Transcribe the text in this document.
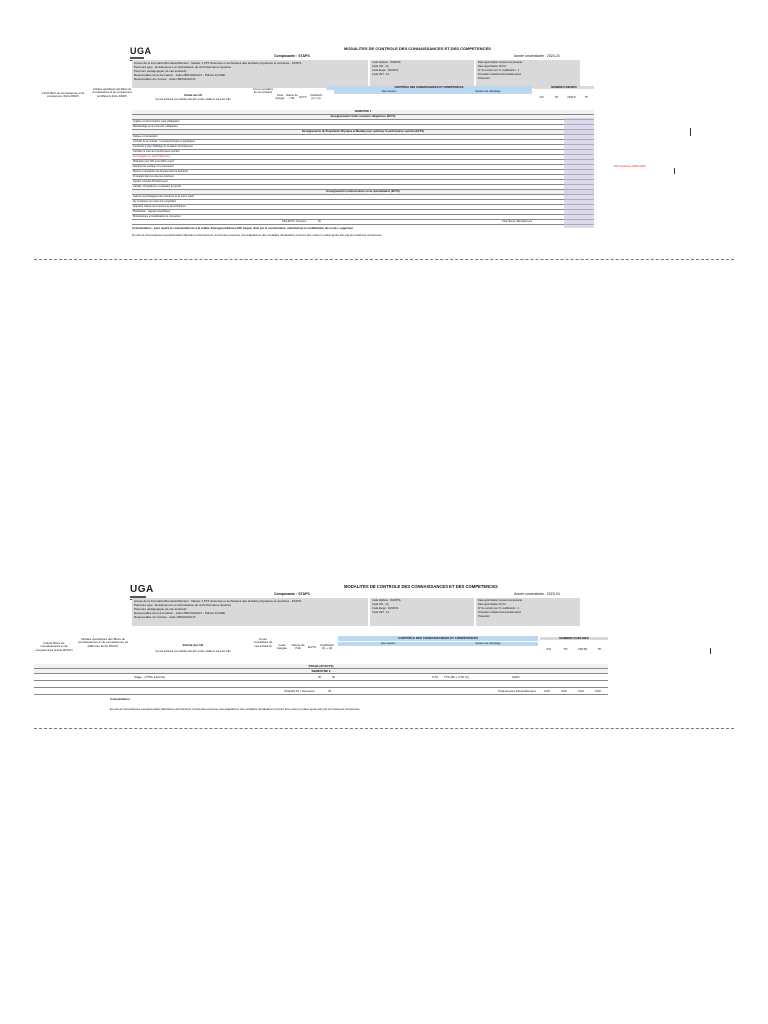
UGA	MODALITES DE CONTROLE DES CONNAISSANCES ET DES COMPETENCES
Composante : STAPS	Année universitaire : 2023-24
Année de la Formation/Domaine/Mention : Master 1 STS Sciences et techniques des activités physiques et sportives - STAPS
Parcours-type : Entraînement et Optimisation de la Performance Sportive
Parcours pédagogique (le cas échéant) :
Responsable de la Formation : Julien BRUGNIAUX - Patrice FLORE
Responsable de l'Année : Julien BRUGNIAUX
Code diplôme : 0GMSTA
Code VDI : 1A
Code Etape : 0GMSTA
Code VET : 1A
Date approbation Conseil composante :
Date approbation CFVU :
N° de version (en % modification : 1
Formation initiale/continue/alternance
Présentiel
Intitulé Blocs de connaissances et de compétences (Fiche RNCP)
Intitulés spécifiques des Blocs de connaissances et de compétences (si différents Fiche RNCP)	Intitulé des UE
(le cas échéant, les intitulés des EC et des matières sous les UE)
Cours mutualisés (le cas échéant)
Code Apogée
Nature de l'UE	ECTS
Coefficient (1) + (2)
CONTRÔLE DES CONNAISSANCES ET COMPÉTENCES
1ère session	Session de rattrapage
NOMBRE D'HEURES
CM	TD	CM/TD	TP
SEMESTRE 1
Enseignements Unités semestre obligatoires (ECTS)
Anglais et communication orale (obligatoire)
Méthodologie de la recherche (obligatoire)
Enseignements de Préparation Physique et Mentale pour optimiser la performance sportive (ECTS)
Fatigue et récupération
Contrôle de la motricité : neuropsychologies et applications
Construire le plan d'affûtage de sa saison d'entraînement
Conduire le suivi de la performance sportive
Accompagner un sportif (Mémoire)
Motivation pour l'AP et les APS et sport
Savoirs pour entraîner une intervention
Mesure et acquisition de données dans la Sportivité
Innovation dans les sciences sportives
Gestion conduite d'Entraînement
Cardiac, compétitions et évaluation du sportif
Enseignements professionnels ou de spécialisation (ECTS)
Aspects psychologiques de la blessure et du retour sportif
De l'entraîneur au retour à la compétition
Approche critique de la mesure de la performance
Planification : logiciels scientifiques
Biomécanique et modélisation du mouvement
Total ECTS / Semestre	30	Total Heures d'Encadrement
Commentaires : pour mettre le commentaire lié à la cellule 'Emergence/Fausse EM' cliquer droit sur le commentaire, sélectionner le modification des notes, supprimer
En cas de circonstances exceptionnelles affectant le déroulement normal des examens, des adaptations des modalités d'évaluation pourront être mises en place après avis par les instances concernées.
EP Intensif en 2023-2024
UGA	MODALITES DE CONTROLE DES CONNAISSANCES ET DES COMPETENCES
Composante : STAPS	Année universitaire : 2023-24
Année de la Formation/Domaine/Mention : Master 1 STS Sciences et techniques des activités physiques et sportives - STAPS
Parcours-type : Entraînement et Optimisation de la Performance Sportive
Parcours pédagogique (le cas échéant) :
Responsable de la Formation : Julien BRUGNIAUX - Patrice FLORE
Responsable de l'Année : Julien BRUGNIAUX
Code diplôme : 0GMSTA
Code VDI : 1A
Code Etape : 0GMSTA
Code VET : 1A
Date approbation Conseil composante :
Date approbation CFVU :
N° de version (en % modification : 1
Formation initiale/continue/alternance
Présentiel
Intitulé Blocs de connaissances et de compétences (Fiche RNCP)
Intitulés spécifiques des Blocs de connaissances et de compétences (si différents Fiche RNCP)	Intitulé des UE
(le cas échéant, les intitulés des EC et des matières sous les UE)
Cours mutualisés (le cas échéant)	Code Apogée
Nature de l'UE	ECTS	Coefficient (1) + (2)
CONTRÔLE DES CONNAISSANCES ET COMPÉTENCES
1ère session	Session de rattrapage
NOMBRE D'HEURES
CM	TD	CM/TD	TP
STAGE (30 ECTS)
SEMESTRE 2
Stage : (TTDb à ECOs)	30	60	0,70 TTD (B) + CTD (C)	100%
Total ECTS / Semestre	30	Total Heures d'Encadrement	0,00	0,00	0,00	0,00
Commentaires :
En cas de circonstances exceptionnelles affectant le déroulement normal des examens, des adaptations des modalités d'évaluation pourront être mises en place après avis par les instances concernées.
